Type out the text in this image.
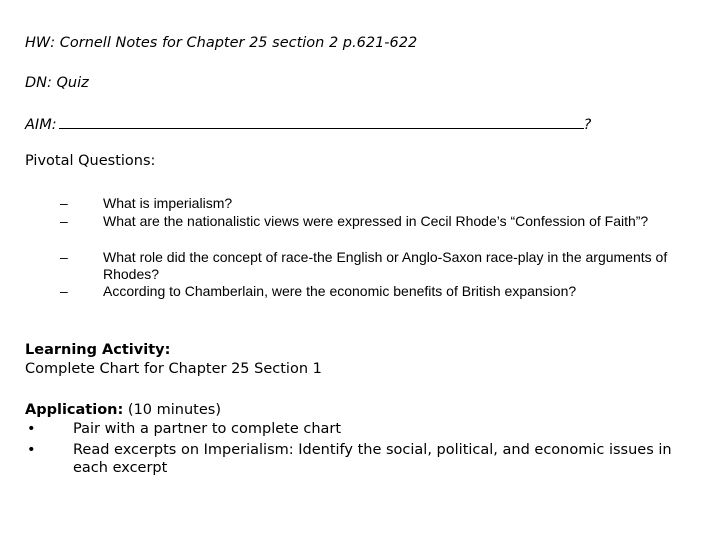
HW: Cornell Notes for Chapter 25 section 2 p.621-622
DN: Quiz
AIM:	?
Pivotal Questions:
–	What is imperialism?
–	What are the nationalistic views were expressed in Cecil Rhode’s “Confession of Faith”?
–	What role did the concept of race-the English or Anglo-Saxon race-play in the arguments of Rhodes?
–	According to Chamberlain, were the economic benefits of British expansion?
Learning Activity:
Complete Chart for Chapter 25 Section 1
Application: (10 minutes)
•	Pair with a partner to complete chart
•	Read excerpts on Imperialism: Identify the social, political, and economic issues in each excerpt
